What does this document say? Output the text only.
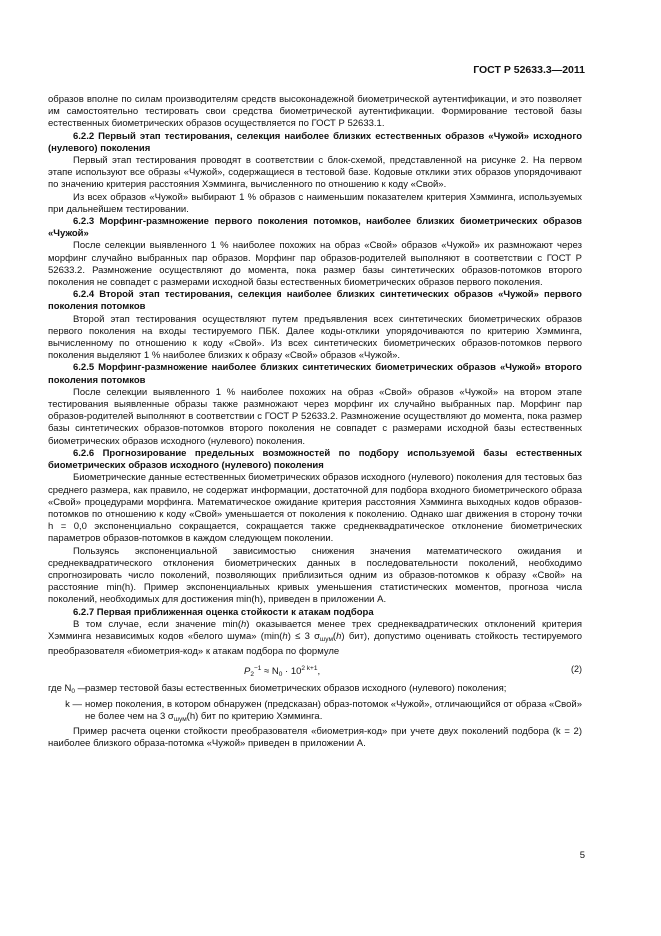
ГОСТ Р 52633.3—2011

образов вполне по силам производителям средств высоконадежной биометрической аутентификации, и это позволяет им самостоятельно тестировать свои средства биометрической аутентификации. Формирование тестовой базы естественных биометрических образов осуществляется по ГОСТ Р 52633.1.

6.2.2 Первый этап тестирования, селекция наиболее близких естественных образов «Чужой» исходного (нулевого) поколения

Первый этап тестирования проводят в соответствии с блок-схемой, представленной на рисунке 2. На первом этапе используют все образы «Чужой», содержащиеся в тестовой базе. Кодовые отклики этих образов упорядочивают по значению критерия расстояния Хэмминга, вычисленного по отношению к коду «Свой».

Из всех образов «Чужой» выбирают 1 % образов с наименьшим показателем критерия Хэмминга, используемых при дальнейшем тестировании.

6.2.3 Морфинг-размножение первого поколения потомков, наиболее близких биометрических образов «Чужой»

После селекции выявленного 1 % наиболее похожих на образ «Свой» образов «Чужой» их размножают через морфинг случайно выбранных пар образов. Морфинг пар образов-родителей выполняют в соответствии с ГОСТ Р 52633.2. Размножение осуществляют до момента, пока размер базы синтетических образов-потомков второго поколения не совпадет с размерами исходной базы естественных биометрических образов первого поколения.

6.2.4 Второй этап тестирования, селекция наиболее близких синтетических образов «Чужой» первого поколения потомков

Второй этап тестирования осуществляют путем предъявления всех синтетических биометрических образов первого поколения на входы тестируемого ПБК. Далее коды-отклики упорядочиваются по критерию Хэмминга, вычисленному по отношению к коду «Свой». Из всех синтетических биометрических образов-потомков первого поколения выделяют 1 % наиболее близких к образу «Свой» образов «Чужой».

6.2.5 Морфинг-размножение наиболее близких синтетических биометрических образов «Чужой» второго поколения потомков

После селекции выявленного 1 % наиболее похожих на образ «Свой» образов «Чужой» на втором этапе тестирования выявленные образы также размножают через морфинг их случайно выбранных пар. Морфинг пар образов-родителей выполняют в соответствии с ГОСТ Р 52633.2. Размножение осуществляют до момента, пока размер базы синтетических образов-потомков второго поколения не совпадет с размерами исходной базы естественных биометрических образов исходного (нулевого) поколения.

6.2.6 Прогнозирование предельных возможностей по подбору используемой базы естественных биометрических образов исходного (нулевого) поколения

Биометрические данные естественных биометрических образов исходного (нулевого) поколения для тестовых баз среднего размера, как правило, не содержат информации, достаточной для подбора входного биометрического образа «Свой» процедурами морфинга. Математическое ожидание критерия расстояния Хэмминга выходных кодов образов-потомков по отношению к коду «Свой» уменьшается от поколения к поколению. Однако шаг движения в сторону точки h = 0,0 экспоненциально сокращается, сокращается также среднеквадратическое отклонение биометрических параметров образов-потомков в каждом следующем поколении.

Пользуясь экспоненциальной зависимостью снижения значения математического ожидания и среднеквадратического отклонения биометрических данных в последовательности поколений, необходимо спрогнозировать число поколений, позволяющих приблизиться одним из образов-потомков к образу «Свой» на расстояние min(h). Пример экспоненциальных кривых уменьшения статистических моментов, прогноза числа поколений, необходимых для достижения min(h), приведен в приложении А.

6.2.7 Первая приближенная оценка стойкости к атакам подбора

В том случае, если значение min(h) оказывается менее трех среднеквадратических отклонений критерия Хэмминга независимых кодов «белого шума» (min(h) ≤ 3 $\sigma_{шум}(h)$ бит), допустимо оценивать стойкость тестируемого преобразователя «биометрия-код» к атакам подбора по формуле

$P_2^{-1} \approx N_0 \cdot 10^{2 k+1}$,	(2)
где $N_0$ —
размер тестовой базы естественных биометрических образов исходного (нулевого) поколения;
k — номер поколения, в котором обнаружен (предсказан) образ-потомок «Чужой», отличающийся от образа «Свой» не более чем на 3 $\sigma_{шум}(h)$ бит по критерию Хэмминга.

Пример расчета оценки стойкости преобразователя «биометрия-код» при учете двух поколений подбора (k = 2) наиболее близкого образа-потомка «Чужой» приведен в приложении А.

5
